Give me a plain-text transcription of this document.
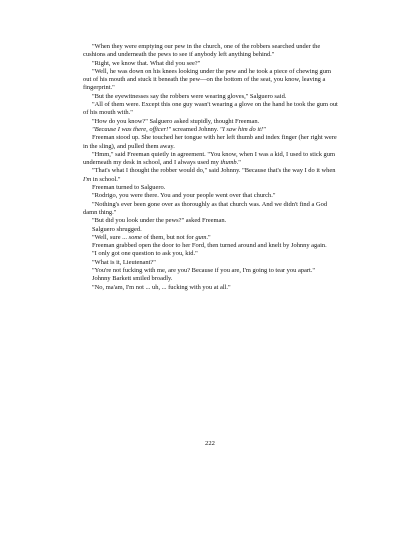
"When they were emptying our pew in the church, one of the robbers searched under the cushions and underneath the pews to see if anybody left anything behind."

"Right, we know that. What did you see?"

"Well, he was down on his knees looking under the pew and he took a piece of chewing gum out of his mouth and stuck it beneath the pew—on the bottom of the seat, you know, leaving a fingerprint."

"But the eyewitnesses say the robbers were wearing gloves," Salguero said.

"All of them were. Except this one guy wasn't wearing a glove on the hand he took the gum out of his mouth with."

"How do you know?" Salguero asked stupidly, thought Freeman.

"Because I was there, officer!" screamed Johnny. "I saw him do it!"

Freeman stood up. She touched her tongue with her left thumb and index finger (her right were in the sling), and pulled them away.

"Hmm," said Freeman quietly in agreement. "You know, when I was a kid, I used to stick gum underneath my desk in school, and I always used my thumb."

"That's what I thought the robber would do," said Johnny. "Because that's the way I do it when I'm in school."

Freeman turned to Salguero.

"Rodrigo, you were there. You and your people went over that church."

"Nothing's ever been gone over as thoroughly as that church was. And we didn't find a God damn thing."

"But did you look under the pews?" asked Freeman.

Salguero shrugged.

"Well, sure ... some of them, but not for gum."

Freeman grabbed open the door to her Ford, then turned around and knelt by Johnny again.

"I only got one question to ask you, kid."

"What is it, Lieutenant?"

"You're not fucking with me, are you? Because if you are, I'm going to tear you apart."

Johnny Barkett smiled broadly.

"No, ma'am, I'm not ... uh, ... fucking with you at all."

222
